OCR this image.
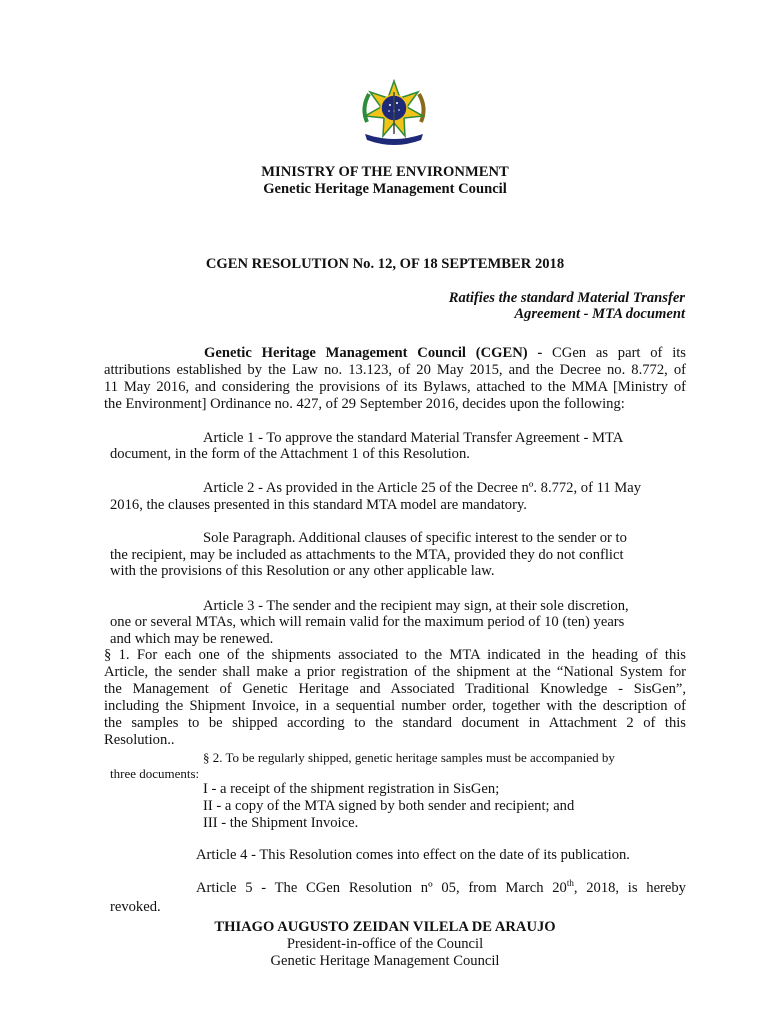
MINISTRY OF THE ENVIRONMENT
Genetic Heritage Management Council
CGEN RESOLUTION No. 12, OF 18 SEPTEMBER 2018
Ratifies the standard Material Transfer
Agreement - MTA document
Genetic Heritage Management Council (CGEN) - CGen as part of its
attributions established by the Law no. 13.123, of 20 May 2015, and the Decree no. 8.772, of
11 May 2016, and considering the provisions of its Bylaws, attached to the MMA [Ministry of
the Environment] Ordinance no. 427, of 29 September 2016, decides upon the following:
Article 1 - To approve the standard Material Transfer Agreement - MTA
document, in the form of the Attachment 1 of this Resolution.
Article 2 - As provided in the Article 25 of the Decree nº. 8.772, of 11 May
2016, the clauses presented in this standard MTA model are mandatory.
Sole Paragraph. Additional clauses of specific interest to the sender or to
the recipient, may be included as attachments to the MTA, provided they do not conflict
with the provisions of this Resolution or any other applicable law.
Article 3 - The sender and the recipient may sign, at their sole discretion,
one or several MTAs, which will remain valid for the maximum period of 10 (ten) years
and which may be renewed.
§ 1. For each one of the shipments associated to the MTA indicated in the heading of this
Article, the sender shall make a prior registration of the shipment at the “National System for
the Management of Genetic Heritage and Associated Traditional Knowledge - SisGen”,
including the Shipment Invoice, in a sequential number order, together with the description of
the samples to be shipped according to the standard document in Attachment 2 of this
Resolution..
§ 2. To be regularly shipped, genetic heritage samples must be accompanied by
three documents:
I - a receipt of the shipment registration in SisGen;
II - a copy of the MTA signed by both sender and recipient; and
III - the Shipment Invoice.
Article 4 - This Resolution comes into effect on the date of its publication.
Article 5 - The CGen Resolution nº 05, from March 20th, 2018, is hereby
revoked.
THIAGO AUGUSTO ZEIDAN VILELA DE ARAUJO
President-in-office of the Council
Genetic Heritage Management Council
